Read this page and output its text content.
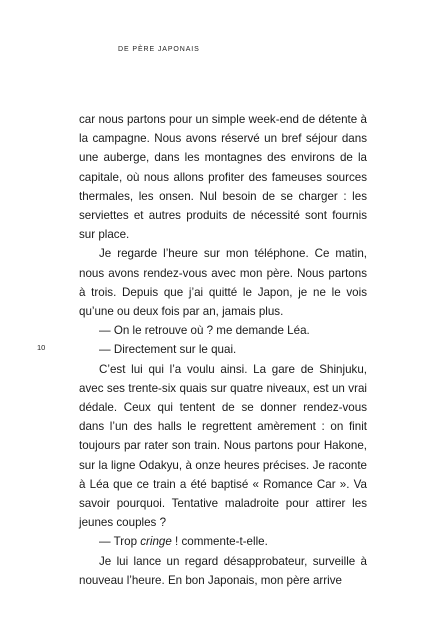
DE PÈRE JAPONAIS
10

car nous partons pour un simple week-end de détente à la campagne. Nous avons réservé un bref séjour dans une auberge, dans les montagnes des environs de la capitale, où nous allons profiter des fameuses sources thermales, les onsen. Nul besoin de se charger : les serviettes et autres produits de nécessité sont fournis sur place.

Je regarde l’heure sur mon téléphone. Ce matin, nous avons rendez-vous avec mon père. Nous partons à trois. Depuis que j’ai quitté le Japon, je ne le vois qu’une ou deux fois par an, jamais plus.

— On le retrouve où ? me demande Léa.

— Directement sur le quai.

C’est lui qui l’a voulu ainsi. La gare de Shinjuku, avec ses trente-six quais sur quatre niveaux, est un vrai dédale. Ceux qui tentent de se donner rendez-vous dans l’un des halls le regrettent amèrement : on finit toujours par rater son train. Nous partons pour Hakone, sur la ligne Odakyu, à onze heures précises. Je raconte à Léa que ce train a été baptisé « Romance Car ». Va savoir pourquoi. Tentative maladroite pour attirer les jeunes couples ?

— Trop cringe ! commente-t-elle.

Je lui lance un regard désapprobateur, surveille à nouveau l’heure. En bon Japonais, mon père arrive
